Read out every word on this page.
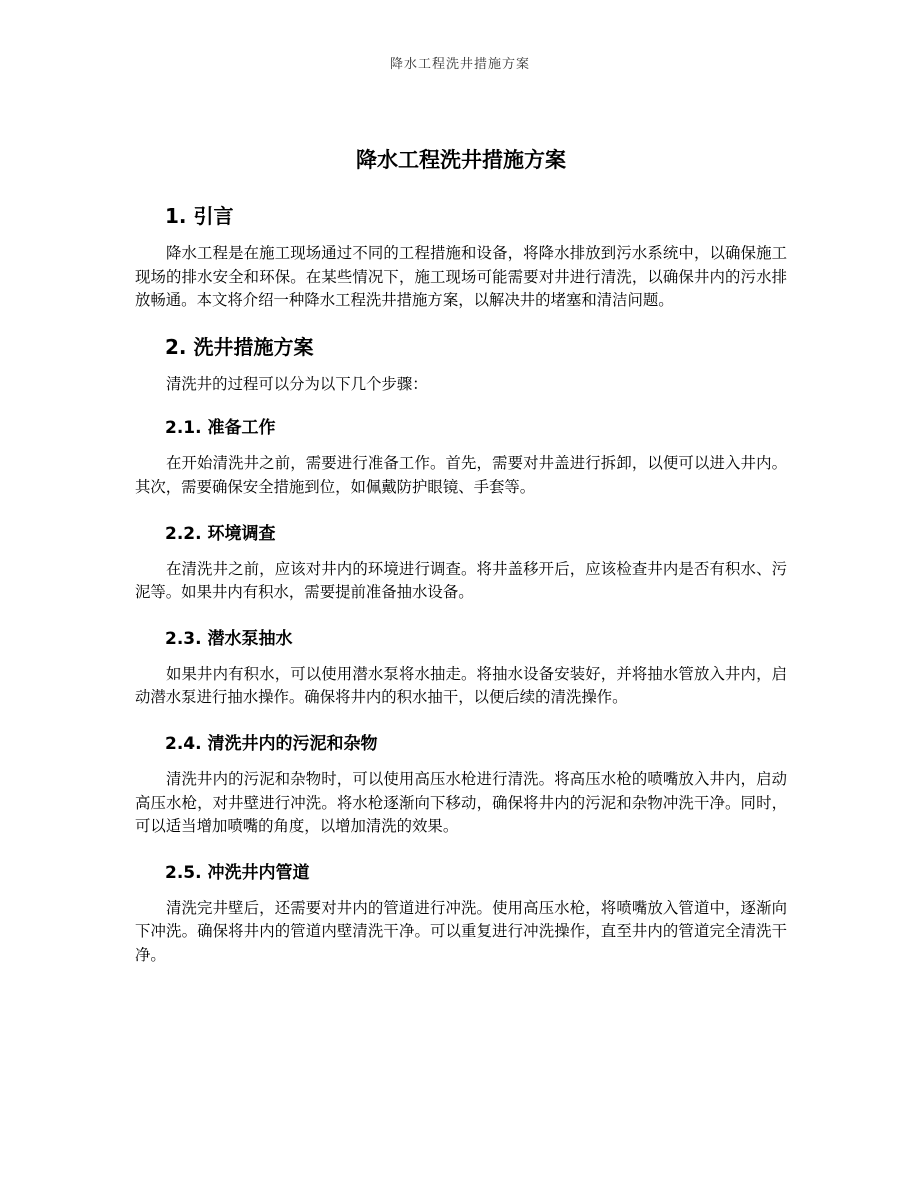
降水工程洗井措施方案
降水工程洗井措施方案
1. 引言

降水工程是在施工现场通过不同的工程措施和设备，将降水排放到污水系统中，以确保施工现场的排水安全和环保。在某些情况下，施工现场可能需要对井进行清洗，以确保井内的污水排放畅通。本文将介绍一种降水工程洗井措施方案，以解决井的堵塞和清洁问题。

2. 洗井措施方案

清洗井的过程可以分为以下几个步骤：

2.1. 准备工作

在开始清洗井之前，需要进行准备工作。首先，需要对井盖进行拆卸，以便可以进入井内。其次，需要确保安全措施到位，如佩戴防护眼镜、手套等。

2.2. 环境调查

在清洗井之前，应该对井内的环境进行调查。将井盖移开后，应该检查井内是否有积水、污泥等。如果井内有积水，需要提前准备抽水设备。

2.3. 潜水泵抽水

如果井内有积水，可以使用潜水泵将水抽走。将抽水设备安装好，并将抽水管放入井内，启动潜水泵进行抽水操作。确保将井内的积水抽干，以便后续的清洗操作。

2.4. 清洗井内的污泥和杂物

清洗井内的污泥和杂物时，可以使用高压水枪进行清洗。将高压水枪的喷嘴放入井内，启动高压水枪，对井壁进行冲洗。将水枪逐渐向下移动，确保将井内的污泥和杂物冲洗干净。同时，可以适当增加喷嘴的角度，以增加清洗的效果。

2.5. 冲洗井内管道

清洗完井壁后，还需要对井内的管道进行冲洗。使用高压水枪，将喷嘴放入管道中，逐渐向下冲洗。确保将井内的管道内壁清洗干净。可以重复进行冲洗操作，直至井内的管道完全清洗干净。
